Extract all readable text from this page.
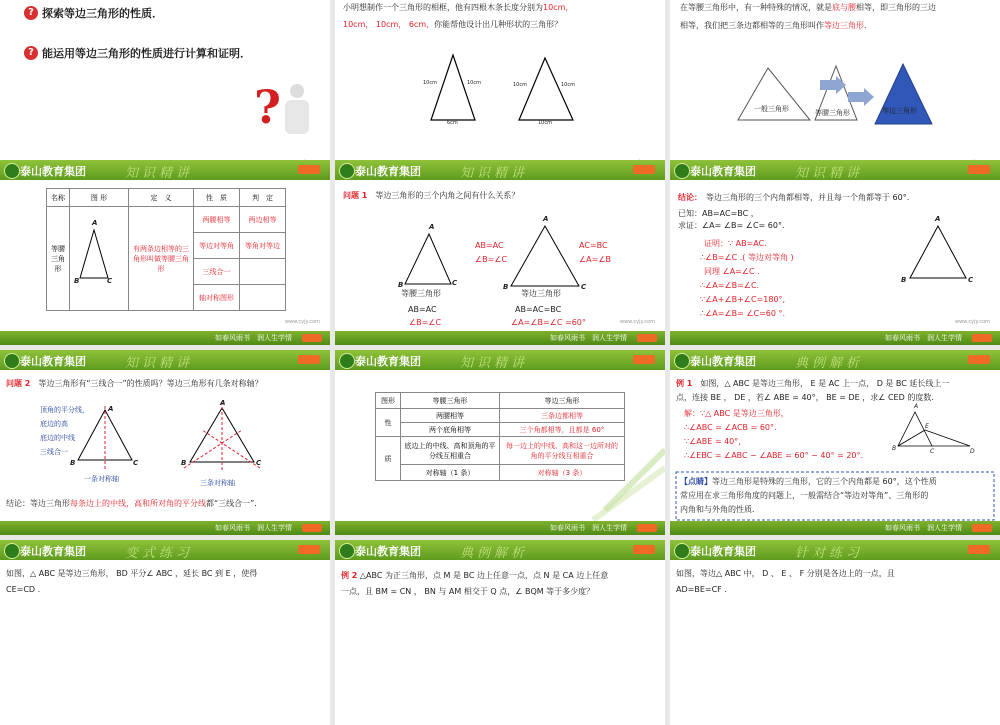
? 探索等边三角形的性质．
? 能运用等边三角形的性质进行计算和证明．
?
小明想制作一个三角形的相框，他有四根木条长度分别为10cm，
10cm， 10cm， 6cm，你能帮他设计出几种形状的三角形？
10cm	10cm
6cm
10cm	10cm
10cm
在等腰三角形中，有一种特殊的情况，就是底与腰相等，即三角形的三边
相等，我们把三条边都相等的三角形叫作等边三角形．
一般三角形	等腰三角形	等边三角形
泰山教育集团	知识精讲
名称	图 形	定　义	性　质	判　定
等腰三角形		有两条边相等的三角形叫做等腰三角形	两腰相等	两边相等
			等边对等角	等角对等边
			三线合一	
			轴对称图形	
A
B	C
www.cyjy.com
如春风雨书　润人生学情
泰山教育集团	知识精讲
问题 1　 等边三角形的三个内角之间有什么关系？
A
B	C
A
B	C
AB=AC
∠B=∠C
AC=BC
∠A=∠B
等腰三角形
AB=AC
∠B=∠C
等边三角形
AB=AC=BC
∠A=∠B=∠C =60°	www.cyjy.com
如春风雨书　润人生学情
泰山教育集团	知识精讲
结论：　 等边三角形的三个内角都相等，并且每一个角都等于 60°.
已知：AB=AC=BC ，
求证：∠A= ∠B= ∠C= 60°.
证明：∵ AB=AC.
∴∠B=∠C .( 等边对等角 )
同理 ∠A=∠C .
∴∠A=∠B=∠C.
∵∠A+∠B+∠C=180°,
∴∠A=∠B= ∠C=60 °.
A
B	C
www.cyjy.com
如春风雨书　润人生学情
泰山教育集团	知识精讲
问题 2　 等边三角形有“三线合一”的性质吗？等边三角形有几条对称轴？
顶角的平分线，
底边的高
底边的中线
三线合一
A
B	C
A
B	C
一条对称轴	三条对称轴
结论：等边三角形每条边上的中线，高和所对角的平分线都“三线合一”．
如春风雨书　润人生学情
泰山教育集团	知识精讲
图形	等腰三角形	等边三角形
性	两腰相等	三条边都相等
	两个底角相等	三个角都相等，且都是 60°
质	底边上的中线、高和顶角的平分线互相重合	每一边上的中线、高和这一边所对的角的平分线互相重合
	对称轴（1 条）	对称轴（3 条）
如春风雨书　润人生学情
泰山教育集团	典例解析
例 1　 如图，△ ABC 是等边三角形， E 是 AC 上一点， D 是 BC 延长线上一
点，连接 BE ， DE ，若∠ ABE = 40°， BE = DE ，求∠ CED 的度数.
解：∵△ ABC 是等边三角形，
∴∠ABC = ∠ACB = 60°.
∵∠ABE = 40°，
∴∠EBC = ∠ABC − ∠ABE = 60° − 40° = 20°.
A
B	C	D
E
【点睛】等边三角形是特殊的三角形，它的三个内角都是 60°，这个性质
常应用在求三角形角度的问题上，一般需结合“等边对等角”、三角形的
内角和与外角的性质．
如春风雨书　润人生学情
泰山教育集团	变式练习
如图，△ ABC 是等边三角形， BD 平分∠ ABC ，延长 BC 到 E ，使得
CE=CD .
泰山教育集团	典例解析
例 2 △ABC 为正三角形，点 M 是 BC 边上任意一点，点 N 是 CA 边上任意
一点，且 BM = CN ， BN 与 AM 相交于 Q 点，∠ BQM 等于多少度？
泰山教育集团	针对练习
如图，等边△ ABC 中， D 、 E 、 F 分别是各边上的一点，且
AD=BE=CF .
